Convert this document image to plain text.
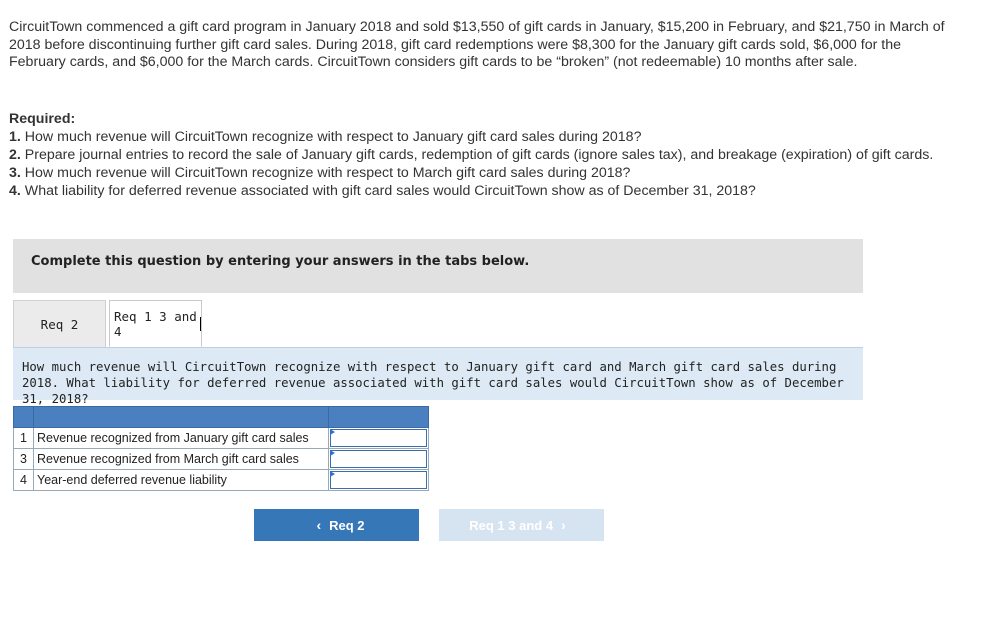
CircuitTown commenced a gift card program in January 2018 and sold $13,550 of gift cards in January, $15,200 in February, and $21,750 in March of 2018 before discontinuing further gift card sales. During 2018, gift card redemptions were $8,300 for the January gift cards sold, $6,000 for the February cards, and $6,000 for the March cards. CircuitTown considers gift cards to be “broken” (not redeemable) 10 months after sale.
Required:
1. How much revenue will CircuitTown recognize with respect to January gift card sales during 2018?
2. Prepare journal entries to record the sale of January gift cards, redemption of gift cards (ignore sales tax), and breakage (expiration) of gift cards.
3. How much revenue will CircuitTown recognize with respect to March gift card sales during 2018?
4. What liability for deferred revenue associated with gift card sales would CircuitTown show as of December 31, 2018?
Complete this question by entering your answers in the tabs below.
Req 2
Req 1 3 and 4

How much revenue will CircuitTown recognize with respect to January gift card and March gift card sales during 2018. What liability for deferred revenue associated with gift card sales would CircuitTown show as of December 31, 2018?

1	Revenue recognized from January gift card sales	

3	Revenue recognized from March gift card sales	

4	Year-end deferred revenue liability	
‹ Req 2	Req 1 3 and 4 ›
